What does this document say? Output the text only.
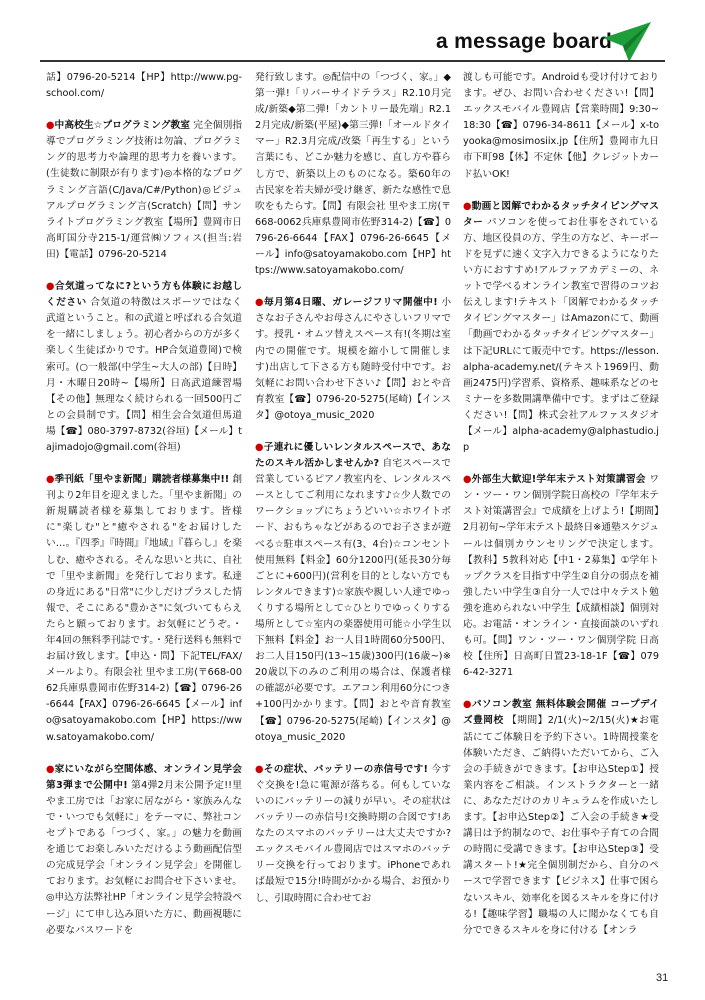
a message board
話】0796-20-5214【HP】http://www.pg-school.com/
●中高校生☆プログラミング教室 完全個別指導でプログラミング技術は勿論、プログラミング的思考力や論理的思考力を養います。(生徒数に制限が有ります)◎本格的なプログラミング言語(C/Java/C#/Python)◎ビジュアルプログラミング言(Scratch)【問】サンライトプログラミング教室【場所】豊岡市日高町国分寺215-1/運営㈱ソフィス(担当:岩田)【電話】0796-20-5214
●合気道ってなに?という方も体験にお越しください 合気道の特徴はスポーツではなく武道ということ。和の武道と呼ばれる合気道を一緒にしましょう。初心者からの方が多く楽しく生徒ばかりです。HP合気道豊岡)で検索可。(○一般部(中学生~大人の部)【日時】月・木曜日20時~【場所】日高武道練習場【その他】無理なく続けられる一回500円ごとの会員制です。【問】相生会合気道但馬道場【☎】080-3797-8732(谷垣)【メール】tajimadojo@gmail.com(谷垣)
●季刊紙「里やま新聞」購読者様募集中!! 創刊より2年目を迎えました。「里やま新聞」の新規購読者様を募集しております。皆様に"楽しむ"と"癒やされる"をお届けしたい…。『四季』『時間』『地域』『暮らし』を楽しむ、癒やされる。そんな思いと共に、自社で「里やま新聞」を発行しております。私達の身近にある"日常"に少しだけプラスした情報で、そこにある"豊かさ"に気づいてもらえたらと願っております。お気軽にどうぞ。・年4回の無料季刊誌です。・発行送料も無料でお届け致します。【申込・問】下記TEL/FAX/メールより。有限会社 里やま工房(〒668-0062兵庫県豊岡市佐野314-2)【☎】0796-26-6644【FAX】0796-26-6645【メール】info@satoyamakobo.com【HP】https://www.satoyamakobo.com/
●家にいながら空間体感、オンライン見学会第3弾まで公開中! 第4弾2月末公開予定!!里やま工房では「お家に居ながら・家族みんなで・いつでも気軽に」をテーマに、弊社コンセプトである「つづく、家。」の魅力を動画を通じてお楽しみいただけるよう動画配信型の完成見学会「オンライン見学会」を開催しております。お気軽にお問合せ下さいませ。◎申込方法弊社HP「オンライン見学会特設ページ」にて申し込み頂いた方に、動画視聴に必要なパスワードを
発行致します。◎配信中の「つづく、家。」◆第一弾!「リバーサイドテラス」R2.10月完成/新築◆第二弾!「カントリー最先端」R2.12月完成/新築(平屋)◆第三弾!「オールドタイマー」R2.3月完成/改築「再生する」という言葉にも、どこか魅力を感じ、直し方や暮らし方で、新築以上のものになる。築60年の古民家を若夫婦が受け継ぎ、新たな感性で息吹をもたらす。【問】有限会社 里やま工房(〒668-0062兵庫県豊岡市佐野314-2)【☎】0796-26-6644【FAX】0796-26-6645【メール】info@satoyamakobo.com【HP】https://www.satoyamakobo.com/
●毎月第4日曜、ガレージフリマ開催中! 小さなお子さんやお母さんにやさしいフリマです。授乳・オムツ替えスペース有!(冬期は室内での開催です。規模を縮小して開催します)出店して下さる方も随時受付中です。お気軽にお問い合わせ下さい♪【問】おとや音育教室【☎】0796-20-5275(尾崎)【インスタ】@otoya_music_2020
●子連れに優しいレンタルスペースで、あなたのスキル活かしませんか? 自宅スペースで営業しているピアノ教室内を、レンタルスペースとしてご利用になれます♪☆少人数でのワークショップにちょうどいい☆ホワイトボード、おもちゃなどがあるのでお子さまが遊べる☆駐車スペース有(3、4台)☆コンセント使用無料【料金】60分1200円(延長30分毎ごとに+600円)(営利を目的としない方でもレンタルできます)☆家族や親しい人達でゆっくりする場所として☆ひとりでゆっくりする場所として☆室内の楽器使用可能☆小学生以下無料【料金】お一人目1時間60分500円、お二人目150円(13~15歳)300円(16歳~)※20歳以下のみのご利用の場合は、保護者様の確認が必要です。エアコン利用60分につき+100円かかります。【問】おとや音育教室【☎】0796-20-5275(尾崎)【インスタ】@otoya_music_2020
●その症状、バッテリーの赤信号です! 今すぐ交換を!急に電源が落ちる。何もしていないのにバッテリーの減りが早い。その症状はバッテリーの赤信号!交換時期の合図です!あなたのスマホのバッテリーは大丈夫ですか?エックスモバイル豊岡店ではスマホのバッテリー交換を行っております。iPhoneであれば最短で15分!時間がかかる場合、お預かりし、引取時間に合わせてお
渡しも可能です。Androidも受け付けております。ぜひ、お問い合わせください!【問】エックスモバイル豊岡店【営業時間】9:30~18:30【☎】0796-34-8611【メール】x-toyooka@mosimosiix.jp【住所】豊岡市九日市下町98【休】不定休【他】クレジットカード払いOK!
●動画と図解でわかるタッチタイピングマスター パソコンを使ってお仕事をされている方、地区役員の方、学生の方など、キーボードを見ずに速く文字入力できるようになりたい方におすすめ!アルファアカデミーの、ネットで学べるオンライン教室で習得のコツお伝えします!テキスト「図解でわかるタッチタイピングマスター」はAmazonにて、動画「動画でわかるタッチタイピングマスター」は下記URLにて販売中です。https://lesson.alpha-academy.net/(テキスト1969円、動画2475円)学習系、資格系、趣味系などのセミナーを多数開講準備中です。まずはご登録ください!【問】株式会社アルファスタジオ【メール】alpha-academy@alphastudio.jp
●外部生大歓迎!学年末テスト対策講習会 ワン・ツー・ワン個別学院日高校の『学年末テスト対策講習会』で成績を上げよう!【期間】2月初旬~学年末テスト最終日※通塾スケジュールは個別カウンセリングで決定します。【教科】5教科対応【中1・2募集】①学年トップクラスを目指す中学生②自分の弱点を補強したい中学生③自分一人では中々テスト勉強を進められない中学生【成績相談】個別対応。お電話・オンライン・直接面談のいずれも可。【問】ワン・ツー・ワン個別学院 日高校【住所】日高町日置23-18-1F【☎】0796-42-3271
●パソコン教室 無料体験会開催 コープデイズ豊岡校 【期間】2/1(火)~2/15(火)★お電話にてご体験日を予約下さい。1時間授業を体験いただき、ご納得いただいてから、ご入会の手続きができます。【お申込Step①】授業内容をご相談。インストラクターと一緒に、あなただけのカリキュラムを作成いたします。【お申込Step②】ご入会の手続き★受講日は予約制なので、お仕事や子育ての合間の時間に受講できます。【お申込Step③】受講スタート!★完全個別制だから、自分のペースで学習できます【ビジネス】仕事で困らないスキル、効率化を図るスキルを身に付ける!【趣味学習】職場の人に聞かなくても自分でできるスキルを身に付ける【オンラ
31
